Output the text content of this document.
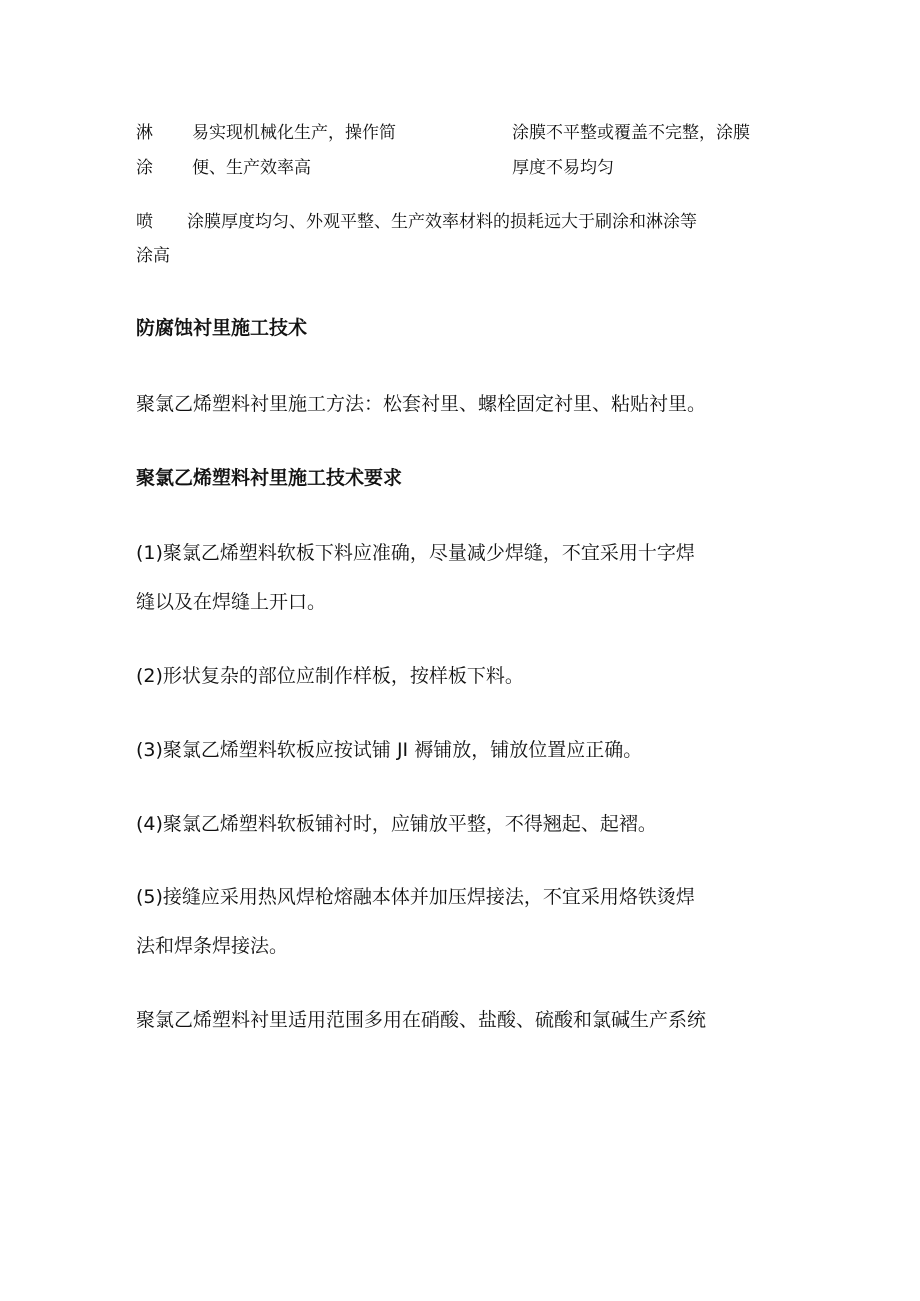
淋
涂
易实现机械化生产，操作简
便、生产效率高
涂膜不平整或覆盖不完整，涂膜
厚度不易均匀
喷　　涂膜厚度均匀、外观平整、生产效率材料的损耗远大于刷涂和淋涂等
涂高
防腐蚀衬里施工技术
聚氯乙烯塑料衬里施工方法：松套衬里、螺栓固定衬里、粘贴衬里。
聚氯乙烯塑料衬里施工技术要求
(1)聚氯乙烯塑料软板下料应准确，尽量减少焊缝，不宜采用十字焊
缝以及在焊缝上开口。
(2)形状复杂的部位应制作样板，按样板下料。
(3)聚氯乙烯塑料软板应按试铺 JI 褥铺放，铺放位置应正确。
(4)聚氯乙烯塑料软板铺衬时，应铺放平整，不得翘起、起褶。
(5)接缝应采用热风焊枪熔融本体并加压焊接法，不宜采用烙铁烫焊
法和焊条焊接法。
聚氯乙烯塑料衬里适用范围多用在硝酸、盐酸、硫酸和氯碱生产系统
